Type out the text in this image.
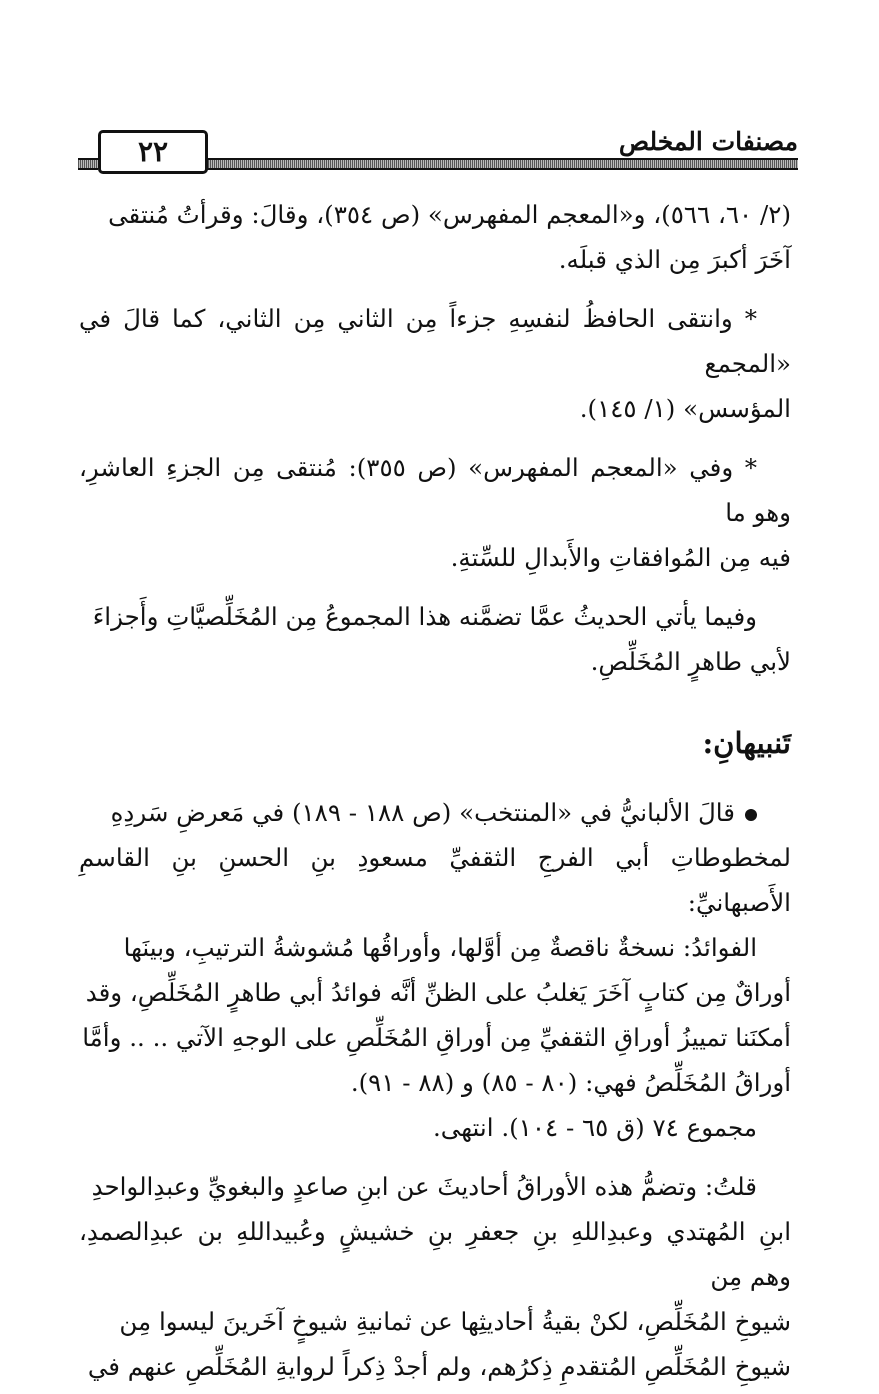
مصنفات المخلص
٢٢

(٢/ ٦٠، ٥٦٦)، و«المعجم المفهرس» (ص ٣٥٤)، وقالَ: وقرأتُ مُنتقى

آخَرَ أكبرَ مِن الذي قبلَه.

* وانتقى الحافظُ لنفسِهِ جزءاً مِن الثاني مِن الثاني، كما قالَ في «المجمع

المؤسس» (١/ ١٤٥).

* وفي «المعجم المفهرس» (ص ٣٥٥): مُنتقى مِن الجزءِ العاشرِ، وهو ما

فيه مِن المُوافقاتِ والأَبدالِ للسِّتةِ.

وفيما يأتي الحديثُ عمَّا تضمَّنه هذا المجموعُ مِن المُخَلِّصيَّاتِ وأَجزاءَ

لأبي طاهرٍ المُخَلِّصِ.

تَنبيهانِ:

قالَ الألبانيُّ في «المنتخب» (ص ١٨٨ - ١٨٩) في مَعرضِ سَردِهِ

لمخطوطاتِ أبي الفرجِ الثقفيِّ مسعودِ بنِ الحسنِ بنِ القاسمِ الأَصبهانيِّ:

الفوائدُ: نسخةٌ ناقصةٌ مِن أوَّلها، وأوراقُها مُشوشةُ الترتيبِ، وبينَها

أوراقٌ مِن كتابٍ آخَرَ يَغلبُ على الظنِّ أنَّه فوائدُ أبي طاهرٍ المُخَلِّصِ، وقد

أمكنَنا تمييزُ أوراقِ الثقفيِّ مِن أوراقِ المُخَلِّصِ على الوجهِ الآتي .. .. وأمَّا

أوراقُ المُخَلِّصُ فهي: (٨٠ - ٨٥) و (٨٨ - ٩١).

مجموع ٧٤ (ق ٦٥ - ١٠٤). انتهى.

قلتُ: وتضمُّ هذه الأوراقُ أحاديثَ عن ابنِ صاعدٍ والبغويِّ وعبدِالواحدِ

ابنِ المُهتدي وعبدِاللهِ بنِ جعفرِ بنِ خشيشٍ وعُبيداللهِ بن عبدِالصمدِ، وهم مِن

شيوخِ المُخَلِّصِ، لكنْ بقيةُ أحاديثِها عن ثمانيةِ شيوخٍ آخَرينَ ليسوا مِن

شيوخِ المُخَلِّصِ المُتقدمِ ذِكرُهم، ولم أجدْ ذِكراً لروايةِ المُخَلِّصِ عنهم في
